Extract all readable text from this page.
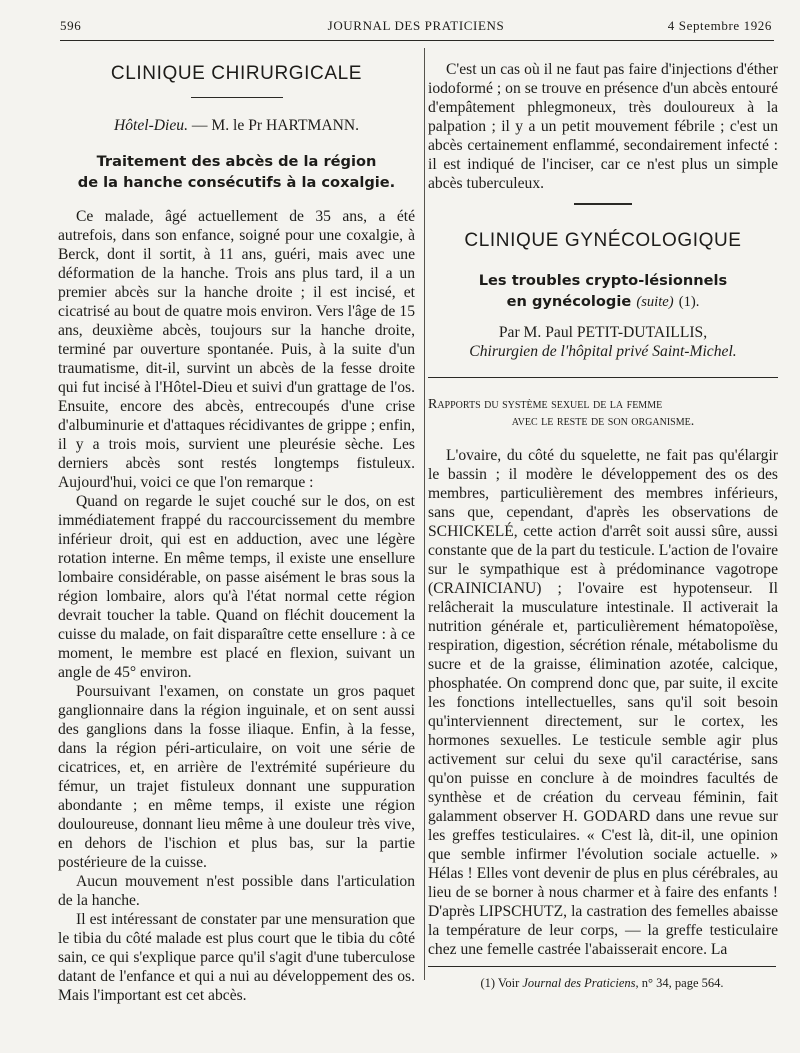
596	JOURNAL DES PRATICIENS	4 Septembre 1926
CLINIQUE CHIRURGICALE
Hôtel-Dieu. — M. le Pr HARTMANN.
Traitement des abcès de la région
de la hanche consécutifs à la coxalgie.

Ce malade, âgé actuellement de 35 ans, a été autrefois, dans son enfance, soigné pour une coxalgie, à Berck, dont il sortit, à 11 ans, guéri, mais avec une déformation de la hanche. Trois ans plus tard, il a un premier abcès sur la hanche droite ; il est incisé, et cicatrisé au bout de quatre mois environ. Vers l'âge de 15 ans, deuxième abcès, toujours sur la hanche droite, terminé par ouverture spontanée. Puis, à la suite d'un traumatisme, dit-il, survint un abcès de la fesse droite qui fut incisé à l'Hôtel-Dieu et suivi d'un grattage de l'os. Ensuite, encore des abcès, entrecoupés d'une crise d'albuminurie et d'attaques récidivantes de grippe ; enfin, il y a trois mois, survient une pleurésie sèche. Les derniers abcès sont restés longtemps fistuleux. Aujourd'hui, voici ce que l'on remarque :

Quand on regarde le sujet couché sur le dos, on est immédiatement frappé du raccourcissement du membre inférieur droit, qui est en adduction, avec une légère rotation interne. En même temps, il existe une ensellure lombaire considérable, on passe aisément le bras sous la région lombaire, alors qu'à l'état normal cette région devrait toucher la table. Quand on fléchit doucement la cuisse du malade, on fait disparaître cette ensellure : à ce moment, le membre est placé en flexion, suivant un angle de 45° environ.

Poursuivant l'examen, on constate un gros paquet ganglionnaire dans la région inguinale, et on sent aussi des ganglions dans la fosse iliaque. Enfin, à la fesse, dans la région péri-articulaire, on voit une série de cicatrices, et, en arrière de l'extrémité supérieure du fémur, un trajet fistuleux donnant une suppuration abondante ; en même temps, il existe une région douloureuse, donnant lieu même à une douleur très vive, en dehors de l'ischion et plus bas, sur la partie postérieure de la cuisse.

Aucun mouvement n'est possible dans l'articulation de la hanche.

Il est intéressant de constater par une mensuration que le tibia du côté malade est plus court que le tibia du côté sain, ce qui s'explique parce qu'il s'agit d'une tuberculose datant de l'enfance et qui a nui au développement des os. Mais l'important est cet abcès.

C'est un cas où il ne faut pas faire d'injections d'éther iodoformé ; on se trouve en présence d'un abcès entouré d'empâtement phlegmoneux, très douloureux à la palpation ; il y a un petit mouvement fébrile ; c'est un abcès certainement enflammé, secondairement infecté : il est indiqué de l'inciser, car ce n'est plus un simple abcès tuberculeux.

CLINIQUE GYNÉCOLOGIQUE
Les troubles crypto-lésionnels
en gynécologie (suite) (1).
Par M. Paul PETIT-DUTAILLIS,
Chirurgien de l'hôpital privé Saint-Michel.
Rapports du système sexuel de la femme
avec le reste de son organisme.

L'ovaire, du côté du squelette, ne fait pas qu'élargir le bassin ; il modère le développement des os des membres, particulièrement des membres inférieurs, sans que, cependant, d'après les observations de SCHICKELÉ, cette action d'arrêt soit aussi sûre, aussi constante que de la part du testicule. L'action de l'ovaire sur le sympathique est à prédominance vagotrope (CRAINICIANU) ; l'ovaire est hypotenseur. Il relâcherait la musculature intestinale. Il activerait la nutrition générale et, particulièrement hématopoïèse, respiration, digestion, sécrétion rénale, métabolisme du sucre et de la graisse, élimination azotée, calcique, phosphatée. On comprend donc que, par suite, il excite les fonctions intellectuelles, sans qu'il soit besoin qu'interviennent directement, sur le cortex, les hormones sexuelles. Le testicule semble agir plus activement sur celui du sexe qu'il caractérise, sans qu'on puisse en conclure à de moindres facultés de synthèse et de création du cerveau féminin, fait galamment observer H. GODARD dans une revue sur les greffes testiculaires. « C'est là, dit-il, une opinion que semble infirmer l'évolution sociale actuelle. » Hélas ! Elles vont devenir de plus en plus cérébrales, au lieu de se borner à nous charmer et à faire des enfants ! D'après LIPSCHUTZ, la castration des femelles abaisse la température de leur corps, — la greffe testiculaire chez une femelle castrée l'abaisserait encore. La

(1) Voir Journal des Praticiens, n° 34, page 564.
